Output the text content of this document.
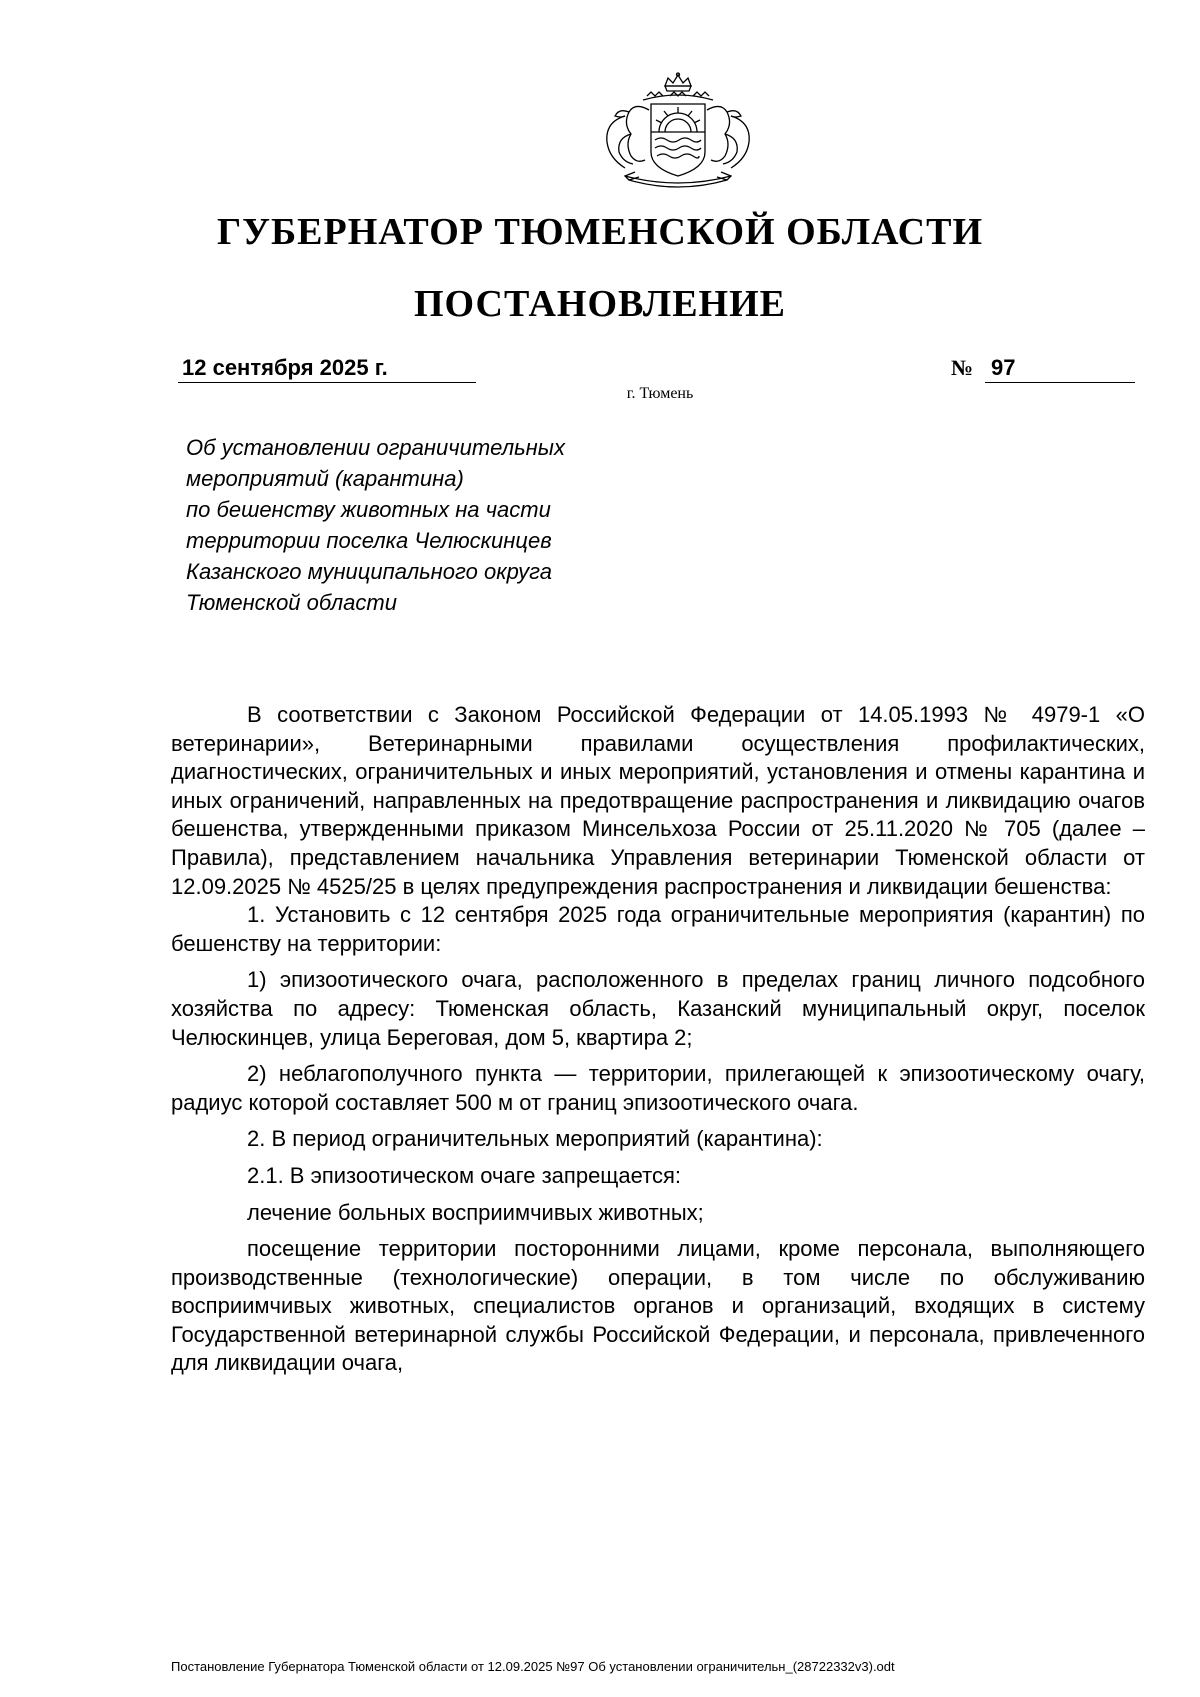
ГУБЕРНАТОР ТЮМЕНСКОЙ ОБЛАСТИ
ПОСТАНОВЛЕНИЕ
12 сентября 2025 г.	№ 97
г. Тюмень
Об установлении ограничительных
мероприятий (карантина)
по бешенству животных на части
территории поселка Челюскинцев
Казанского муниципального округа
Тюменской области

В соответствии с Законом Российской Федерации от 14.05.1993 № 4979-1 «О ветеринарии», Ветеринарными правилами осуществления профилактических, диагностических, ограничительных и иных мероприятий, установления и отмены карантина и иных ограничений, направленных на предотвращение распространения и ликвидацию очагов бешенства, утвержденными приказом Минсельхоза России от 25.11.2020 № 705 (далее – Правила), представлением начальника Управления ветеринарии Тюменской области от 12.09.2025 № 4525/25 в целях предупреждения распространения и ликвидации бешенства:

1. Установить с 12 сентября 2025 года ограничительные мероприятия (карантин) по бешенству на территории:

1) эпизоотического очага, расположенного в пределах границ личного подсобного хозяйства по адресу: Тюменская область, Казанский муниципальный округ, поселок Челюскинцев, улица Береговая, дом 5, квартира 2;

2) неблагополучного пункта — территории, прилегающей к эпизоотическому очагу, радиус которой составляет 500 м от границ эпизоотического очага.

2. В период ограничительных мероприятий (карантина):

2.1. В эпизоотическом очаге запрещается:

лечение больных восприимчивых животных;

посещение территории посторонними лицами, кроме персонала, выполняющего производственные (технологические) операции, в том числе по обслуживанию восприимчивых животных, специалистов органов и организаций, входящих в систему Государственной ветеринарной службы Российской Федерации, и персонала, привлеченного для ликвидации очага,

Постановление Губернатора Тюменской области от 12.09.2025 №97 Об установлении ограничительн_(28722332v3).odt
